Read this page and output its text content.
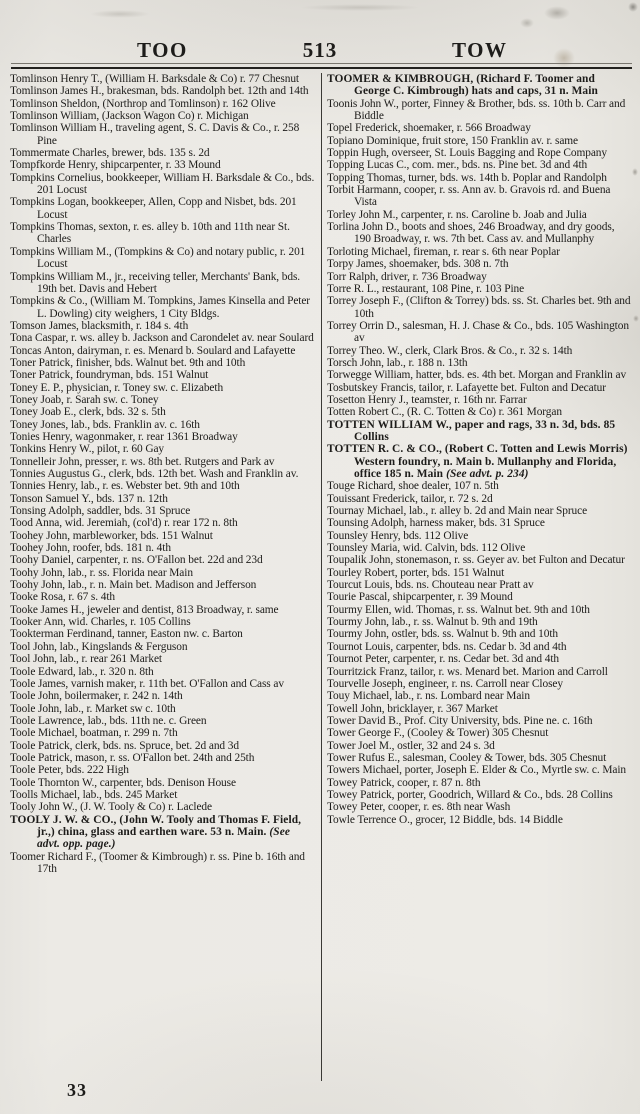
513
TOO	TOW

Tomlinson Henry T., (William H. Barksdale & Co) r. 77 Chesnut

Tomlinson James H., brakesman, bds. Randolph bet. 12th and 14th

Tomlinson Sheldon, (Northrop and Tomlinson) r. 162 Olive

Tomlinson William, (Jackson Wagon Co) r. Michigan

Tomlinson William H., traveling agent, S. C. Davis & Co., r. 258 Pine

Tommermate Charles, brewer, bds. 135 s. 2d

Tompfkorde Henry, shipcarpenter, r. 33 Mound

Tompkins Cornelius, bookkeeper, William H. Barksdale & Co., bds. 201 Locust

Tompkins Logan, bookkeeper, Allen, Copp and Nisbet, bds. 201 Locust

Tompkins Thomas, sexton, r. es. alley b. 10th and 11th near St. Charles

Tompkins William M., (Tompkins & Co) and notary public, r. 201 Locust

Tompkins William M., jr., receiving teller, Merchants' Bank, bds. 19th bet. Davis and Hebert

Tompkins & Co., (William M. Tompkins, James Kinsella and Peter L. Dowling) city weighers, 1 City Bldgs.

Tomson James, blacksmith, r. 184 s. 4th

Tona Caspar, r. ws. alley b. Jackson and Carondelet av. near Soulard

Toncas Anton, dairyman, r. es. Menard b. Soulard and Lafayette

Toner Patrick, finisher, bds. Walnut bet. 9th and 10th

Toner Patrick, foundryman, bds. 151 Walnut

Toney E. P., physician, r. Toney sw. c. Elizabeth

Toney Joab, r. Sarah sw. c. Toney

Toney Joab E., clerk, bds. 32 s. 5th

Toney Jones, lab., bds. Franklin av. c. 16th

Tonies Henry, wagonmaker, r. rear 1361 Broadway

Tonkins Henry W., pilot, r. 60 Gay

Tonnelleir John, presser, r. ws. 8th bet. Rutgers and Park av

Tonnies Augustus G., clerk, bds. 12th bet. Wash and Franklin av.

Tonnies Henry, lab., r. es. Webster bet. 9th and 10th

Tonson Samuel Y., bds. 137 n. 12th

Tonsing Adolph, saddler, bds. 31 Spruce

Tood Anna, wid. Jeremiah, (col'd) r. rear 172 n. 8th

Toohey John, marbleworker, bds. 151 Walnut

Toohey John, roofer, bds. 181 n. 4th

Toohy Daniel, carpenter, r. ns. O'Fallon bet. 22d and 23d

Toohy John, lab., r. ss. Florida near Main

Toohy John, lab., r. n. Main bet. Madison and Jefferson

Tooke Rosa, r. 67 s. 4th

Tooke James H., jeweler and dentist, 813 Broadway, r. same

Tooker Ann, wid. Charles, r. 105 Collins

Tookterman Ferdinand, tanner, Easton nw. c. Barton

Tool John, lab., Kingslands & Ferguson

Tool John, lab., r. rear 261 Market

Toole Edward, lab., r. 320 n. 8th

Toole James, varnish maker, r. 11th bet. O'Fallon and Cass av

Toole John, boilermaker, r. 242 n. 14th

Toole John, lab., r. Market sw c. 10th

Toole Lawrence, lab., bds. 11th ne. c. Green

Toole Michael, boatman, r. 299 n. 7th

Toole Patrick, clerk, bds. ns. Spruce, bet. 2d and 3d

Toole Patrick, mason, r. ss. O'Fallon bet. 24th and 25th

Toole Peter, bds. 222 High

Toole Thornton W., carpenter, bds. Denison House

Toolls Michael, lab., bds. 245 Market

Tooly John W., (J. W. Tooly & Co) r. Laclede

TOOLY J. W. & CO., (John W. Tooly and Thomas F. Field, jr.,) china, glass and earthen ware. 53 n. Main. (See advt. opp. page.)

Toomer Richard F., (Toomer & Kimbrough) r. ss. Pine b. 16th and 17th

TOOMER & KIMBROUGH, (Richard F. Toomer and George C. Kimbrough) hats and caps, 31 n. Main

Toonis John W., porter, Finney & Brother, bds. ss. 10th b. Carr and Biddle

Topel Frederick, shoemaker, r. 566 Broadway

Topiano Dominique, fruit store, 150 Franklin av. r. same

Toppin Hugh, overseer, St. Louis Bagging and Rope Company

Topping Lucas C., com. mer., bds. ns. Pine bet. 3d and 4th

Topping Thomas, turner, bds. ws. 14th b. Poplar and Randolph

Torbit Harmann, cooper, r. ss. Ann av. b. Gravois rd. and Buena Vista

Torley John M., carpenter, r. ns. Caroline b. Joab and Julia

Torlina John D., boots and shoes, 246 Broadway, and dry goods, 190 Broadway, r. ws. 7th bet. Cass av. and Mullanphy

Torloting Michael, fireman, r. rear s. 6th near Poplar

Torpy James, shoemaker, bds. 308 n. 7th

Torr Ralph, driver, r. 736 Broadway

Torre R. L., restaurant, 108 Pine, r. 103 Pine

Torrey Joseph F., (Clifton & Torrey) bds. ss. St. Charles bet. 9th and 10th

Torrey Orrin D., salesman, H. J. Chase & Co., bds. 105 Washington av

Torrey Theo. W., clerk, Clark Bros. & Co., r. 32 s. 14th

Torsch John, lab., r. 188 n. 13th

Torwegge William, hatter, bds. es. 4th bet. Morgan and Franklin av

Tosbutskey Francis, tailor, r. Lafayette bet. Fulton and Decatur

Tosetton Henry J., teamster, r. 16th nr. Farrar

Totten Robert C., (R. C. Totten & Co) r. 361 Morgan

TOTTEN WILLIAM W., paper and rags, 33 n. 3d, bds. 85 Collins

TOTTEN R. C. & CO., (Robert C. Totten and Lewis Morris) Western foundry, n. Main b. Mullanphy and Florida, office 185 n. Main (See advt. p. 234)

Touge Richard, shoe dealer, 107 n. 5th

Touissant Frederick, tailor, r. 72 s. 2d

Tournay Michael, lab., r. alley b. 2d and Main near Spruce

Tounsing Adolph, harness maker, bds. 31 Spruce

Tounsley Henry, bds. 112 Olive

Tounsley Maria, wid. Calvin, bds. 112 Olive

Toupalik John, stonemason, r. ss. Geyer av. bet Fulton and Decatur

Tourley Robert, porter, bds. 151 Walnut

Tourcut Louis, bds. ns. Chouteau near Pratt av

Tourie Pascal, shipcarpenter, r. 39 Mound

Tourmy Ellen, wid. Thomas, r. ss. Walnut bet. 9th and 10th

Tourmy John, lab., r. ss. Walnut b. 9th and 19th

Tourmy John, ostler, bds. ss. Walnut b. 9th and 10th

Tournot Louis, carpenter, bds. ns. Cedar b. 3d and 4th

Tournot Peter, carpenter, r. ns. Cedar bet. 3d and 4th

Tourritzick Franz, tailor, r. ws. Menard bet. Marion and Carroll

Tourvelle Joseph, engineer, r. ns. Carroll near Closey

Touy Michael, lab., r. ns. Lombard near Main

Towell John, bricklayer, r. 367 Market

Tower David B., Prof. City University, bds. Pine ne. c. 16th

Tower George F., (Cooley & Tower) 305 Chesnut

Tower Joel M., ostler, 32 and 24 s. 3d

Tower Rufus E., salesman, Cooley & Tower, bds. 305 Chesnut

Towers Michael, porter, Joseph E. Elder & Co., Myrtle sw. c. Main

Towey Patrick, cooper, r. 87 n. 8th

Towey Patrick, porter, Goodrich, Willard & Co., bds. 28 Collins

Towey Peter, cooper, r. es. 8th near Wash

Towle Terrence O., grocer, 12 Biddle, bds. 14 Biddle

33
